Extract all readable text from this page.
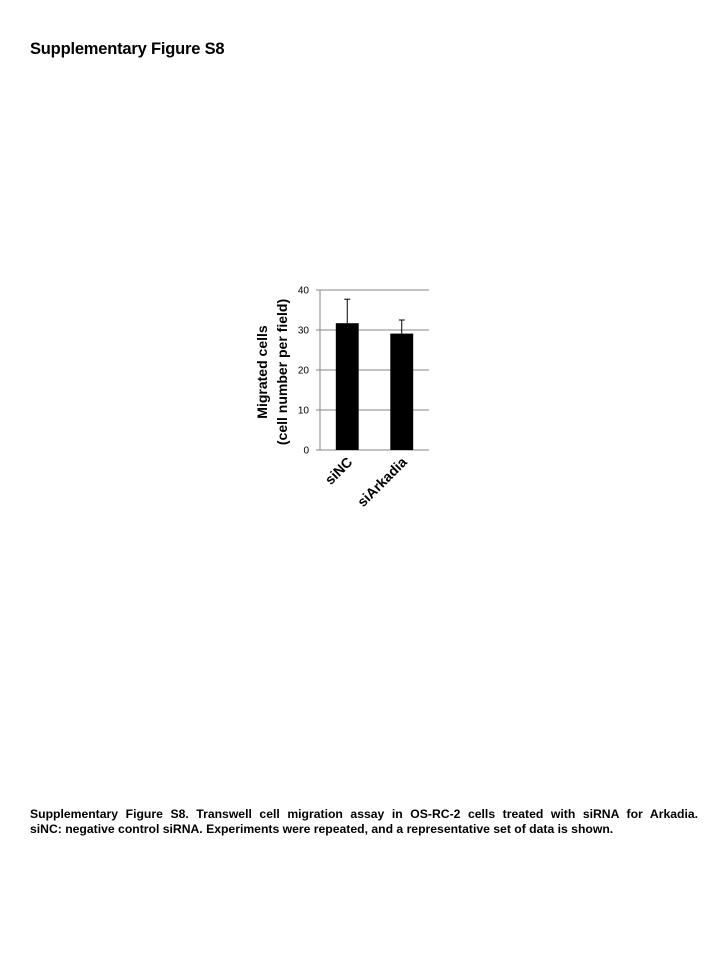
Supplementary Figure S8
0
10
20
30
40
siNC
siArkadia
Migrated cells (cell number per field)
Supplementary Figure S8. Transwell cell migration assay in OS-RC-2 cells treated with siRNA for Arkadia.
siNC: negative control siRNA. Experiments were repeated, and a representative set of data is shown.
